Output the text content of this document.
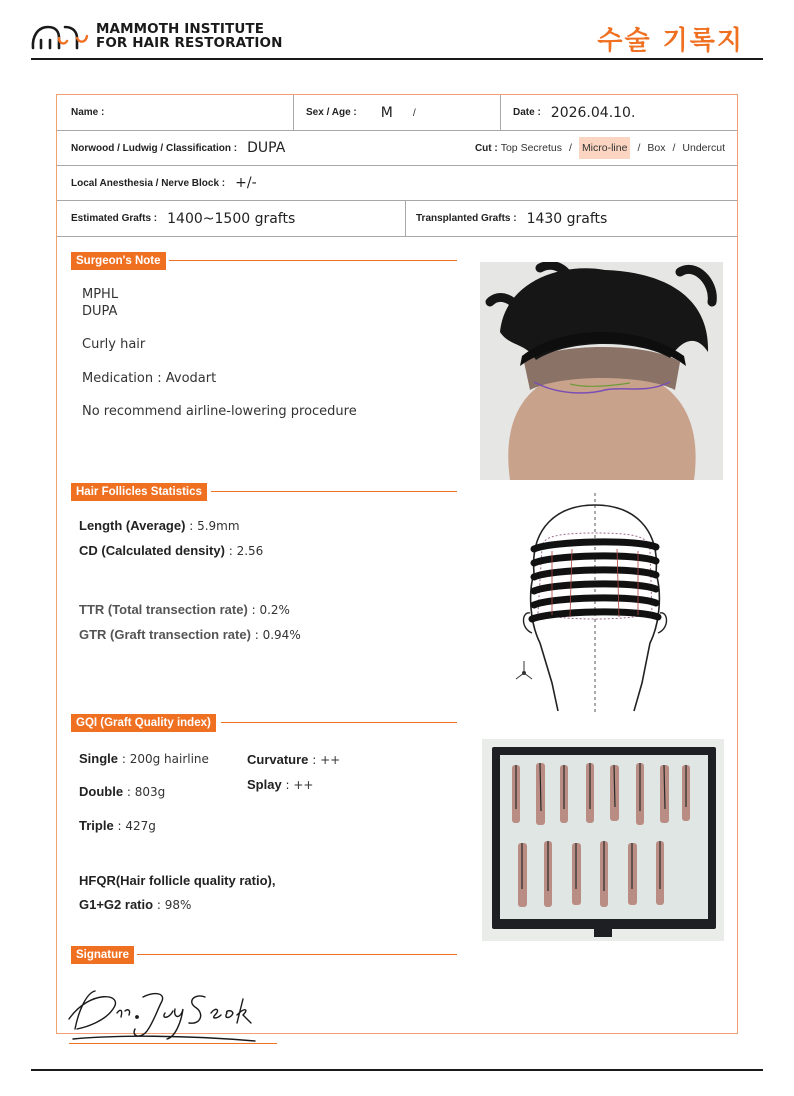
MAMMOTH INSTITUTE
FOR HAIR RESTORATION	수술 기록지
Name :	Sex / Age : M /	Date : 2026.04.10.
Norwood / Ludwig / Classification : DUPA	Cut : Top Secretus / Micro-line / Box / Undercut
Local Anesthesia / Nerve Block : +/-
Estimated Grafts : 1400~1500 grafts	Transplanted Grafts : 1430 grafts
Surgeon's Note
MPHL
DUPA
Curly hair
Medication : Avodart
No recommend airline-lowering procedure
Hair Follicles Statistics
Length (Average) : 5.9mm
CD (Calculated density) : 2.56
TTR (Total transection rate) : 0.2%
GTR (Graft transection rate) : 0.94%
GQI (Graft Quality index)
Single : 200g hairline
Double : 803g
Triple : 427g
Curvature : ++
Splay : ++
HFQR(Hair follicle quality ratio),
G1+G2 ratio : 98%
Signature
